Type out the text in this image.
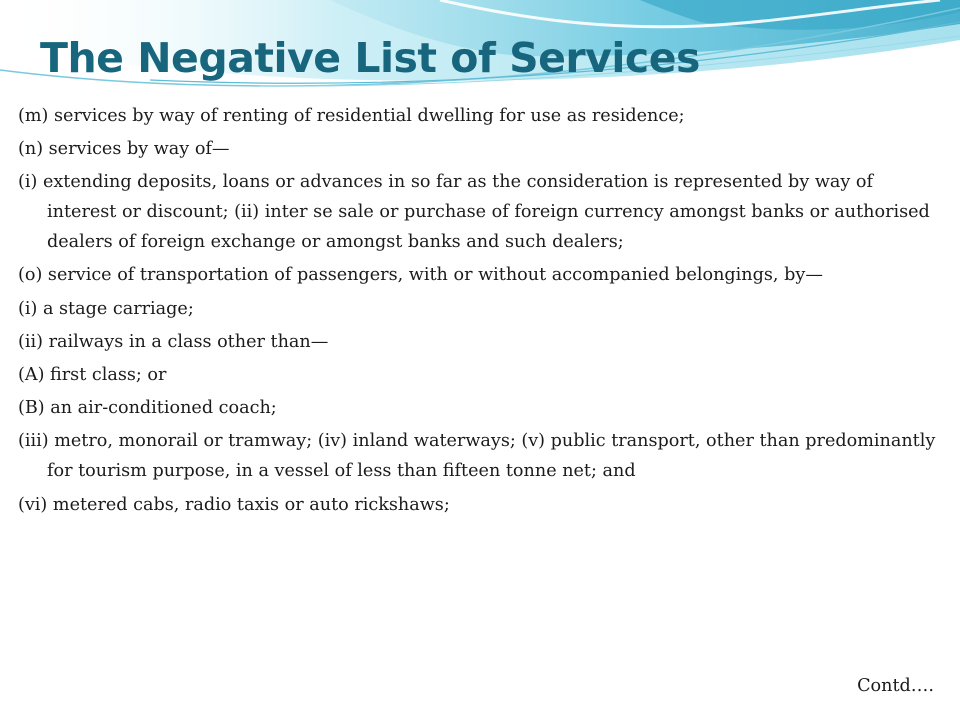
The Negative List of Services
(m) services by way of renting of residential dwelling for use as residence;
(n) services by way of—
(i) extending deposits, loans or advances in so far as the consideration is represented by way of interest or discount; (ii) inter se sale or purchase of foreign currency amongst banks or authorised dealers of foreign exchange or amongst banks and such dealers;
(o) service of transportation of passengers, with or without accompanied belongings, by—
(i) a stage carriage;
(ii) railways in a class other than—
(A) first class; or
(B) an air-conditioned coach;
(iii) metro, monorail or tramway; (iv) inland waterways; (v) public transport, other than predominantly for tourism purpose, in a vessel of less than fifteen tonne net; and
(vi) metered cabs, radio taxis or auto rickshaws;
Contd….
